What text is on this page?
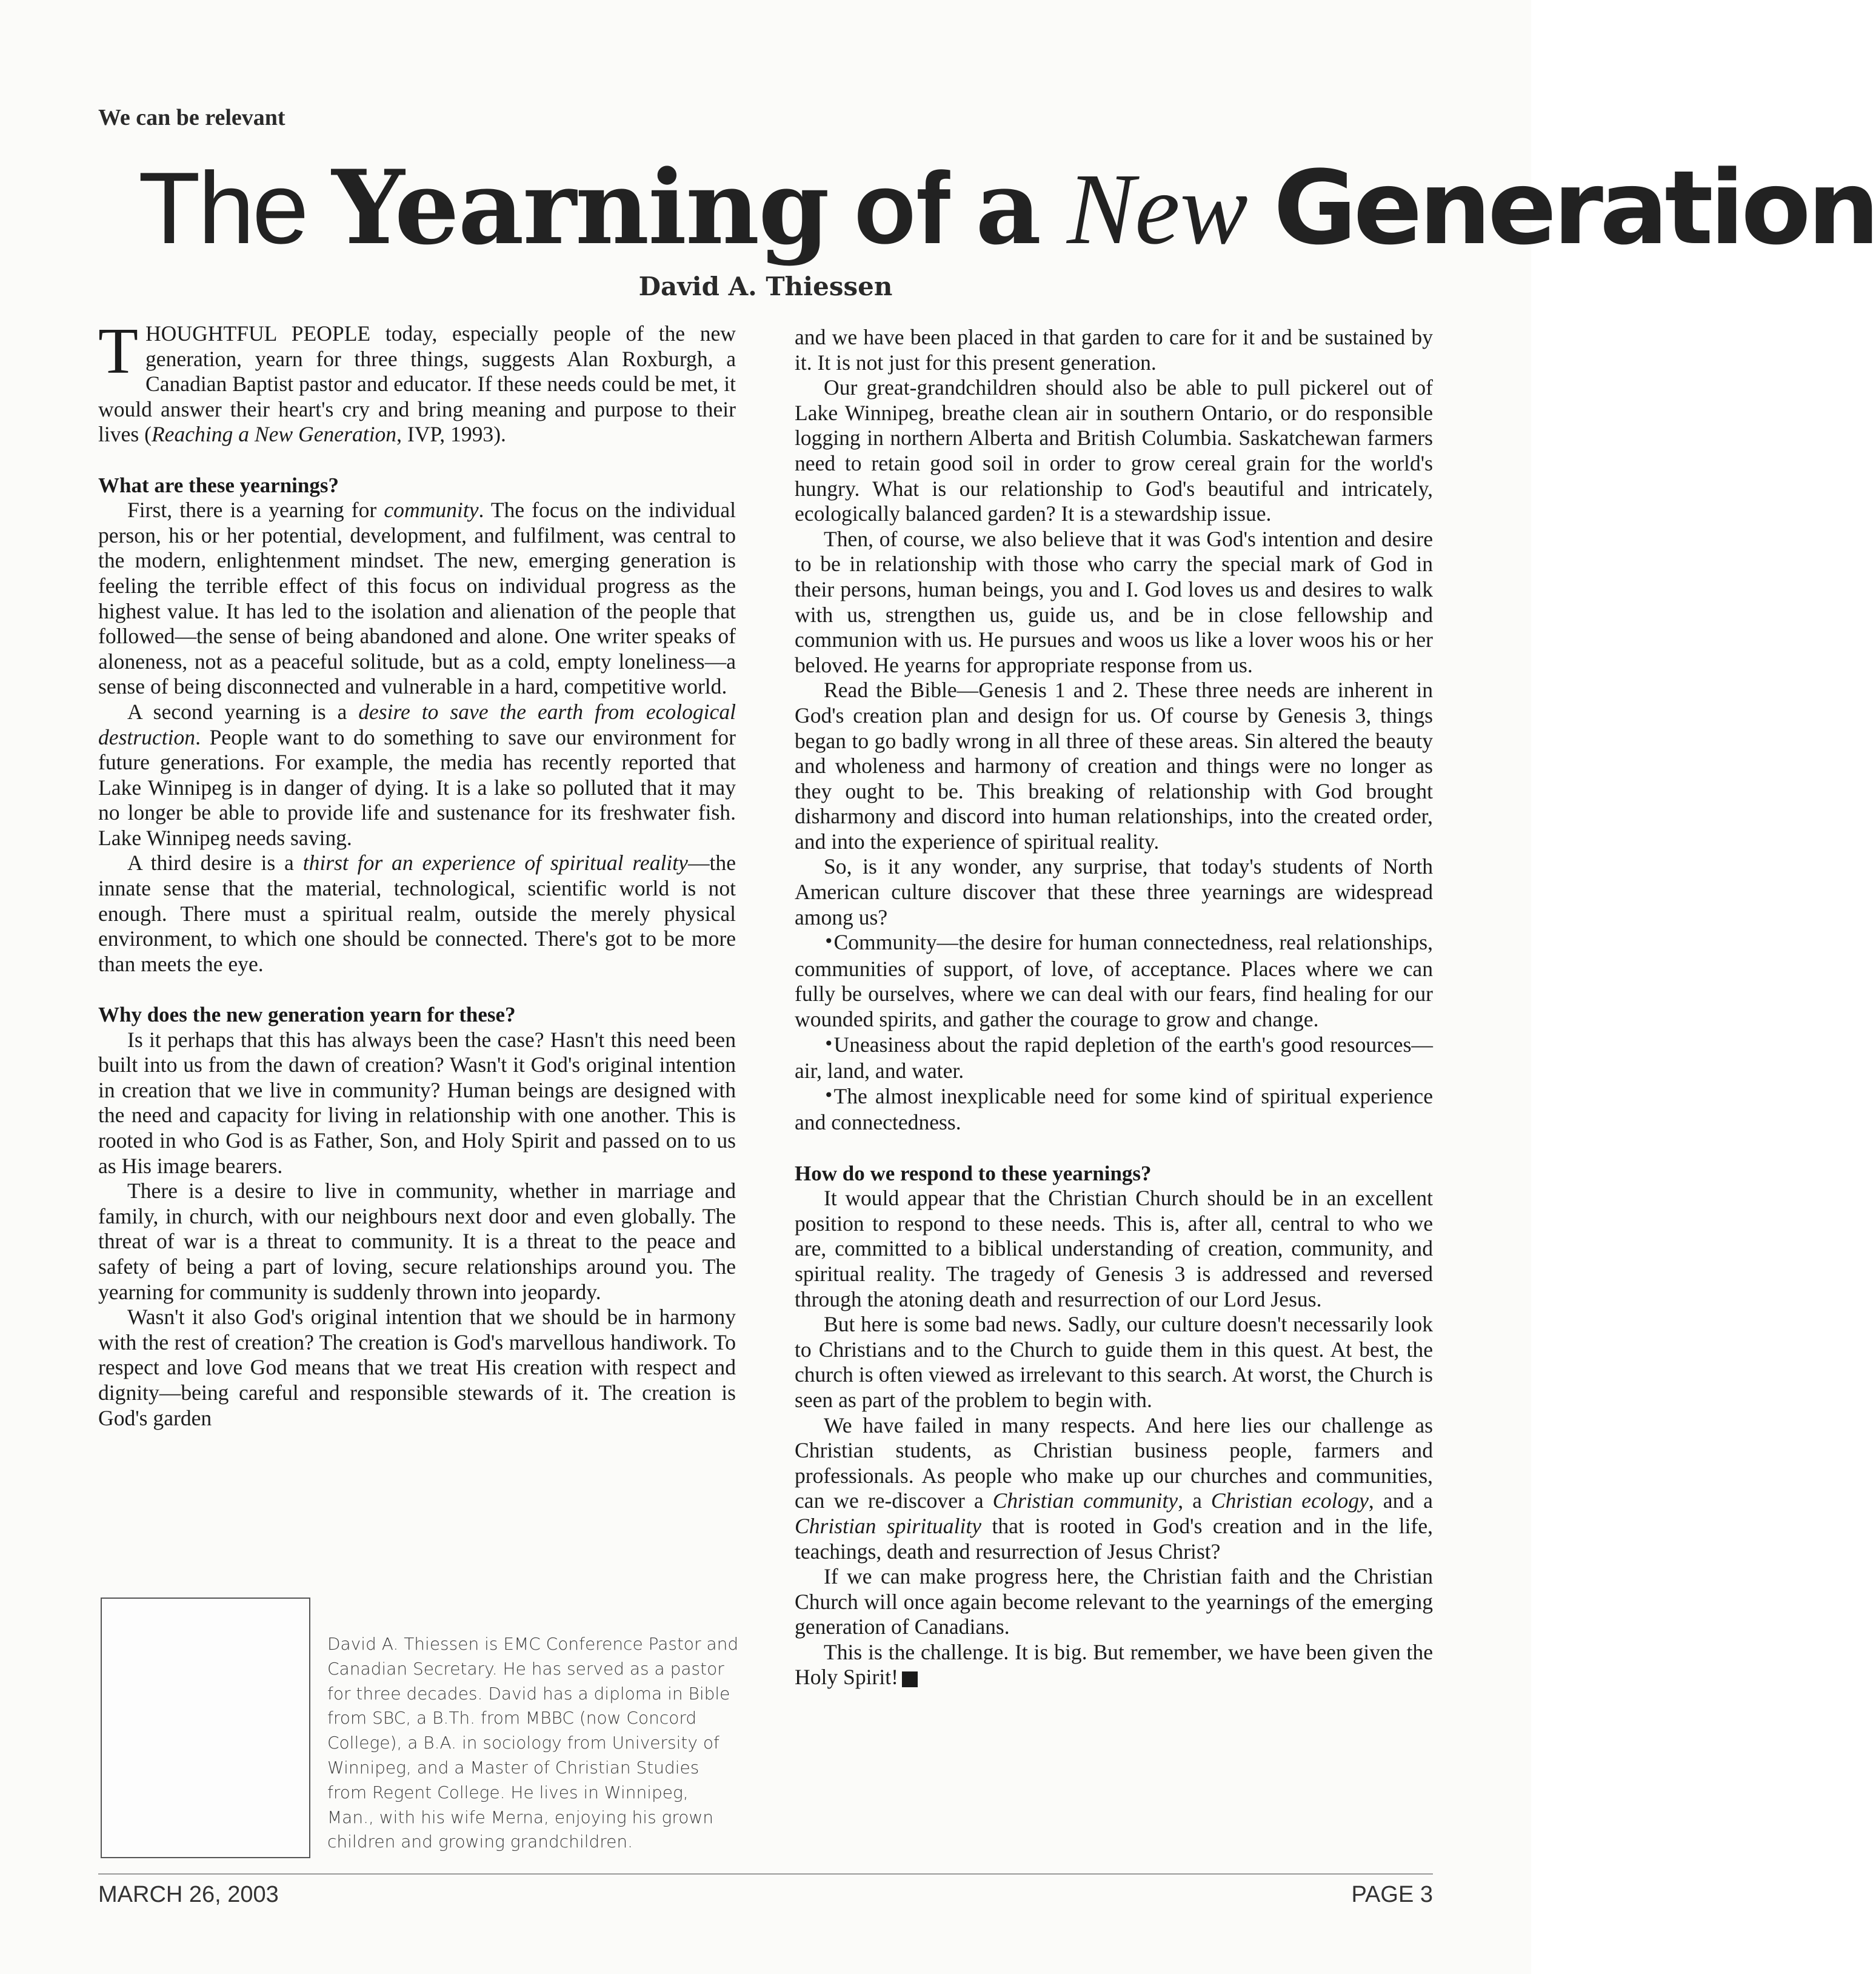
We can be relevant
The Yearning of a New Generation
David A. Thiessen

THOUGHTFUL PEOPLE today, especially people of the new generation, yearn for three things, suggests Alan Roxburgh, a Canadian Baptist pastor and educator. If these needs could be met, it would answer their heart's cry and bring meaning and purpose to their lives (Reaching a New Generation, IVP, 1993).

What are these yearnings?

First, there is a yearning for community. The focus on the individual person, his or her potential, development, and fulfilment, was central to the modern, enlightenment mindset. The new, emerging generation is feeling the terrible effect of this focus on individual progress as the highest value. It has led to the isolation and alienation of the people that followed—the sense of being abandoned and alone. One writer speaks of aloneness, not as a peaceful solitude, but as a cold, empty loneliness—a sense of being disconnected and vulnerable in a hard, competitive world.

A second yearning is a desire to save the earth from ecological destruction. People want to do something to save our environment for future generations. For example, the media has recently reported that Lake Winnipeg is in danger of dying. It is a lake so polluted that it may no longer be able to provide life and sustenance for its freshwater fish. Lake Winnipeg needs saving.

A third desire is a thirst for an experience of spiritual reality—the innate sense that the material, technological, scientific world is not enough. There must a spiritual realm, outside the merely physical environment, to which one should be connected. There's got to be more than meets the eye.

Why does the new generation yearn for these?

Is it perhaps that this has always been the case? Hasn't this need been built into us from the dawn of creation? Wasn't it God's original intention in creation that we live in community? Human beings are designed with the need and capacity for living in relationship with one another. This is rooted in who God is as Father, Son, and Holy Spirit and passed on to us as His image bearers.

There is a desire to live in community, whether in marriage and family, in church, with our neighbours next door and even globally. The threat of war is a threat to community. It is a threat to the peace and safety of being a part of loving, secure relationships around you. The yearning for community is suddenly thrown into jeopardy.

Wasn't it also God's original intention that we should be in harmony with the rest of creation? The creation is God's marvellous handiwork. To respect and love God means that we treat His creation with respect and dignity—being careful and responsible stewards of it. The creation is God's garden

and we have been placed in that garden to care for it and be sustained by it. It is not just for this present generation.

Our great-grandchildren should also be able to pull pickerel out of Lake Winnipeg, breathe clean air in southern Ontario, or do responsible logging in northern Alberta and British Columbia. Saskatchewan farmers need to retain good soil in order to grow cereal grain for the world's hungry. What is our relationship to God's beautiful and intricately, ecologically balanced garden? It is a stewardship issue.

Then, of course, we also believe that it was God's intention and desire to be in relationship with those who carry the special mark of God in their persons, human beings, you and I. God loves us and desires to walk with us, strengthen us, guide us, and be in close fellowship and communion with us. He pursues and woos us like a lover woos his or her beloved. He yearns for appropriate response from us.

Read the Bible—Genesis 1 and 2. These three needs are inherent in God's creation plan and design for us. Of course by Genesis 3, things began to go badly wrong in all three of these areas. Sin altered the beauty and wholeness and harmony of creation and things were no longer as they ought to be. This breaking of relationship with God brought disharmony and discord into human relationships, into the created order, and into the experience of spiritual reality.

So, is it any wonder, any surprise, that today's students of North American culture discover that these three yearnings are widespread among us?

•Community—the desire for human connectedness, real relationships, communities of support, of love, of acceptance. Places where we can fully be ourselves, where we can deal with our fears, find healing for our wounded spirits, and gather the courage to grow and change.

•Uneasiness about the rapid depletion of the earth's good resources—air, land, and water.

•The almost inexplicable need for some kind of spiritual experience and connectedness.

How do we respond to these yearnings?

It would appear that the Christian Church should be in an excellent position to respond to these needs. This is, after all, central to who we are, committed to a biblical understanding of creation, community, and spiritual reality. The tragedy of Genesis 3 is addressed and reversed through the atoning death and resurrection of our Lord Jesus.

But here is some bad news. Sadly, our culture doesn't necessarily look to Christians and to the Church to guide them in this quest. At best, the church is often viewed as irrelevant to this search. At worst, the Church is seen as part of the problem to begin with.

We have failed in many respects. And here lies our challenge as Christian students, as Christian business people, farmers and professionals. As people who make up our churches and communities, can we re-discover a Christian community, a Christian ecology, and a Christian spirituality that is rooted in God's creation and in the life, teachings, death and resurrection of Jesus Christ?

If we can make progress here, the Christian faith and the Christian Church will once again become relevant to the yearnings of the emerging generation of Canadians.

This is the challenge. It is big. But remember, we have been given the Holy Spirit!

David A. Thiessen is EMC Conference Pastor and Canadian Secretary. He has served as a pastor for three decades. David has a diploma in Bible from SBC, a B.Th. from MBBC (now Concord College), a B.A. in sociology from University of Winnipeg, and a Master of Christian Studies from Regent College. He lives in Winnipeg, Man., with his wife Merna, enjoying his grown children and growing grandchildren.
MARCH 26, 2003	PAGE 3
